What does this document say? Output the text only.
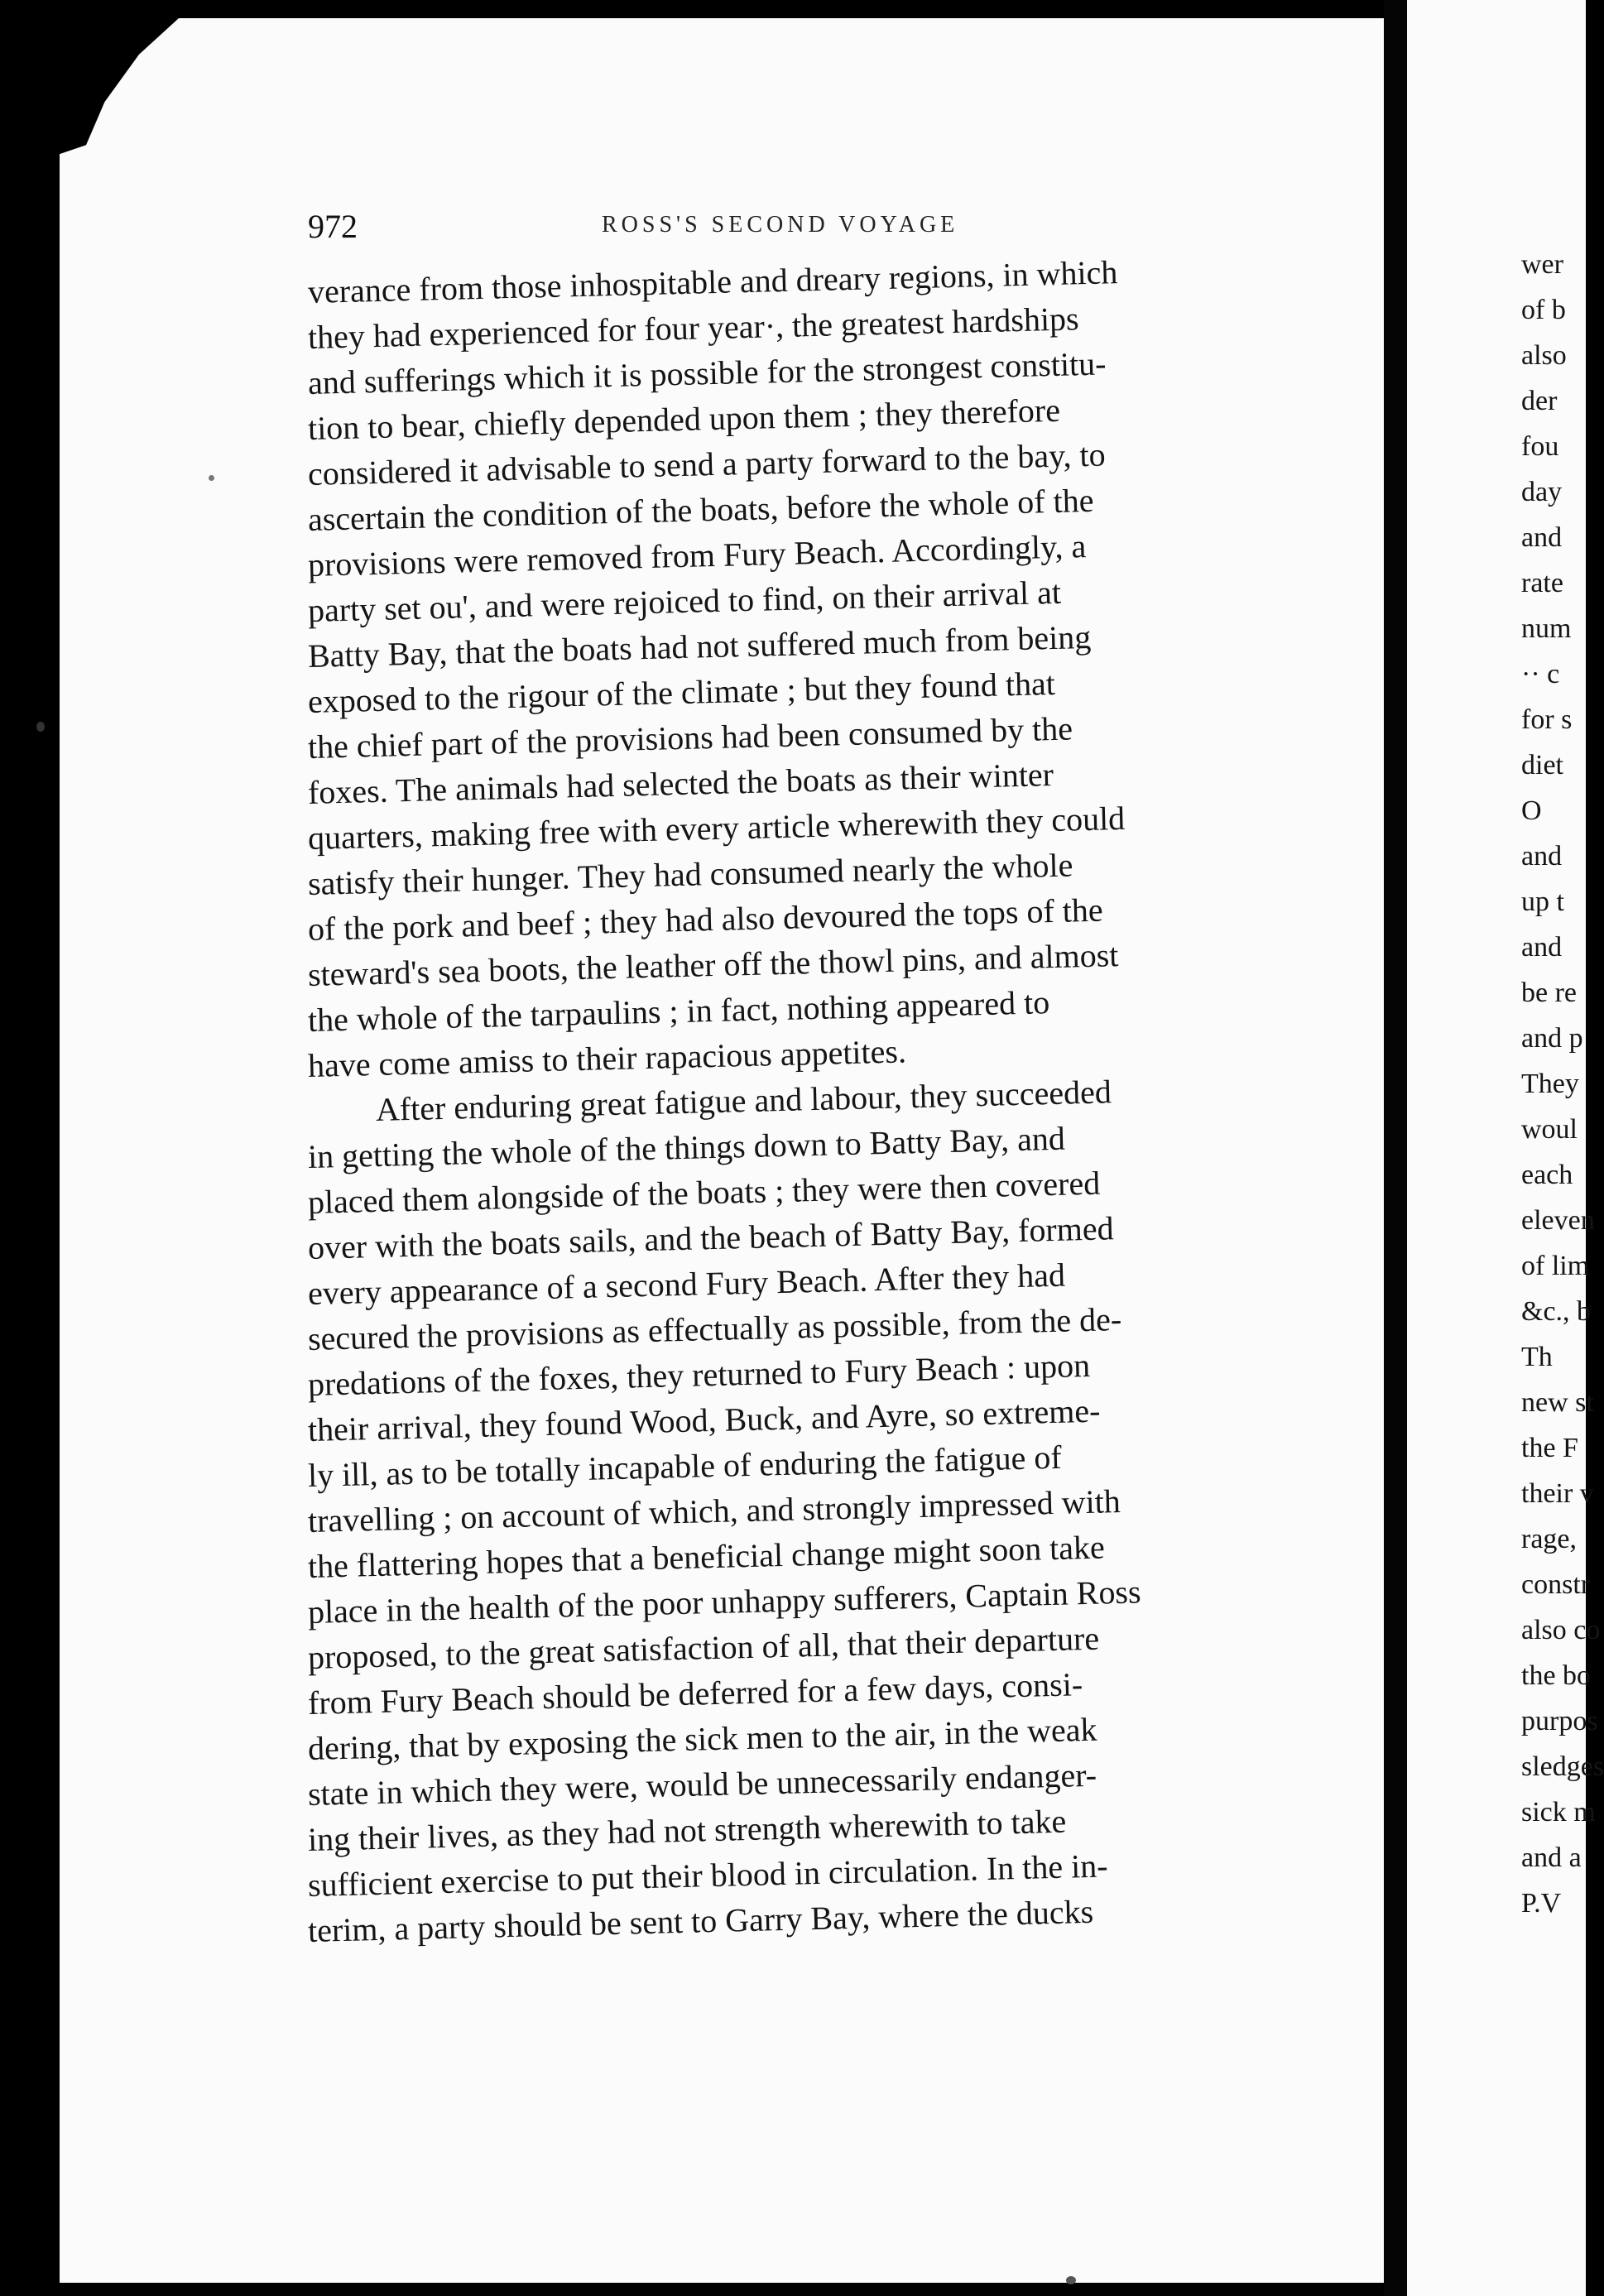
972	ROSS'S SECOND VOYAGE
verance from those inhospitable and dreary regions, in which
they had experienced for four year·, the greatest hardships
and sufferings which it is possible for the strongest constitu-
tion to bear, chiefly depended upon them ; they therefore
considered it advisable to send a party forward to the bay, to
ascertain the condition of the boats, before the whole of the
provisions were removed from Fury Beach. Accordingly, a
party set ou', and were rejoiced to find, on their arrival at
Batty Bay, that the boats had not suffered much from being
exposed to the rigour of the climate ; but they found that
the chief part of the provisions had been consumed by the
foxes. The animals had selected the boats as their winter
quarters, making free with every article wherewith they could
satisfy their hunger. They had consumed nearly the whole
of the pork and beef ; they had also devoured the tops of the
steward's sea boots, the leather off the thowl pins, and almost
the whole of the tarpaulins ; in fact, nothing appeared to
have come amiss to their rapacious appetites.
After enduring great fatigue and labour, they succeeded
in getting the whole of the things down to Batty Bay, and
placed them alongside of the boats ; they were then covered
over with the boats sails, and the beach of Batty Bay, formed
every appearance of a second Fury Beach. After they had
secured the provisions as effectually as possible, from the de-
predations of the foxes, they returned to Fury Beach : upon
their arrival, they found Wood, Buck, and Ayre, so extreme-
ly ill, as to be totally incapable of enduring the fatigue of
travelling ; on account of which, and strongly impressed with
the flattering hopes that a beneficial change might soon take
place in the health of the poor unhappy sufferers, Captain Ross
proposed, to the great satisfaction of all, that their departure
from Fury Beach should be deferred for a few days, consi-
dering, that by exposing the sick men to the air, in the weak
state in which they were, would be unnecessarily endanger-
ing their lives, as they had not strength wherewith to take
sufficient exercise to put their blood in circulation. In the in-
terim, a party should be sent to Garry Bay, where the ducks
wer
of b
also
der
fou
day
and
rate
num
·· c
for s
diet
O
and
up t
and
be re
and p
They
woul
each
eleven
of lim
&c., b
Th
new st
the F
their v
rage,
constr
also co
the bo
purpos
sledges
sick m
and a
P.V
